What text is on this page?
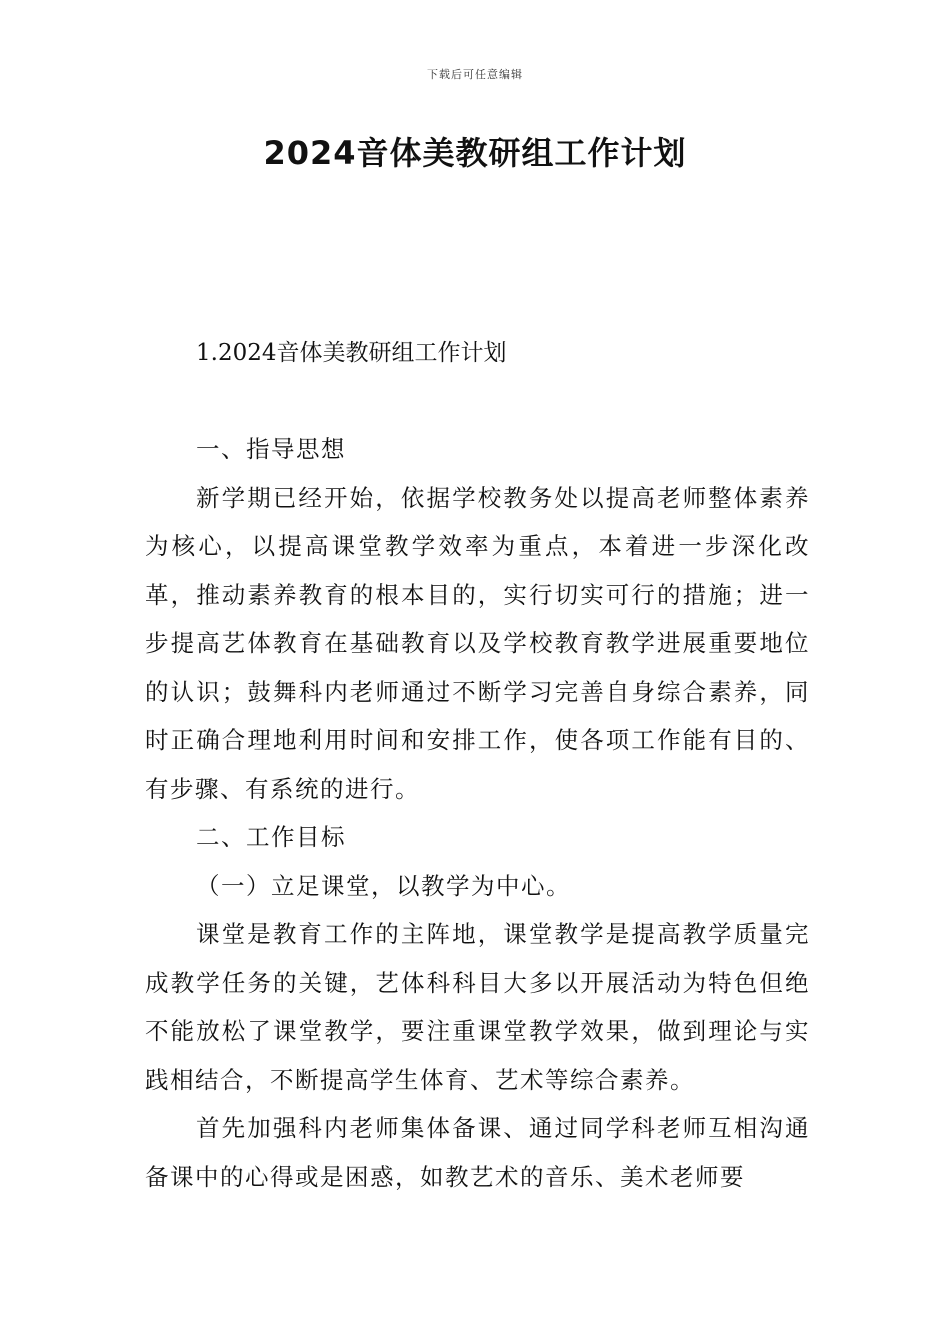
下载后可任意编辑
2024音体美教研组工作计划
1.2024音体美教研组工作计划

一、指导思想

新学期已经开始，依据学校教务处以提高老师整体素养为核心，以提高课堂教学效率为重点，本着进一步深化改革，推动素养教育的根本目的，实行切实可行的措施；进一步提高艺体教育在基础教育以及学校教育教学进展重要地位的认识；鼓舞科内老师通过不断学习完善自身综合素养，同时正确合理地利用时间和安排工作，使各项工作能有目的、有步骤、有系统的进行。

二、工作目标

（一）立足课堂，以教学为中心。

课堂是教育工作的主阵地，课堂教学是提高教学质量完成教学任务的关键，艺体科科目大多以开展活动为特色但绝不能放松了课堂教学，要注重课堂教学效果，做到理论与实践相结合，不断提高学生体育、艺术等综合素养。

首先加强科内老师集体备课、通过同学科老师互相沟通备课中的心得或是困惑，如教艺术的音乐、美术老师要
